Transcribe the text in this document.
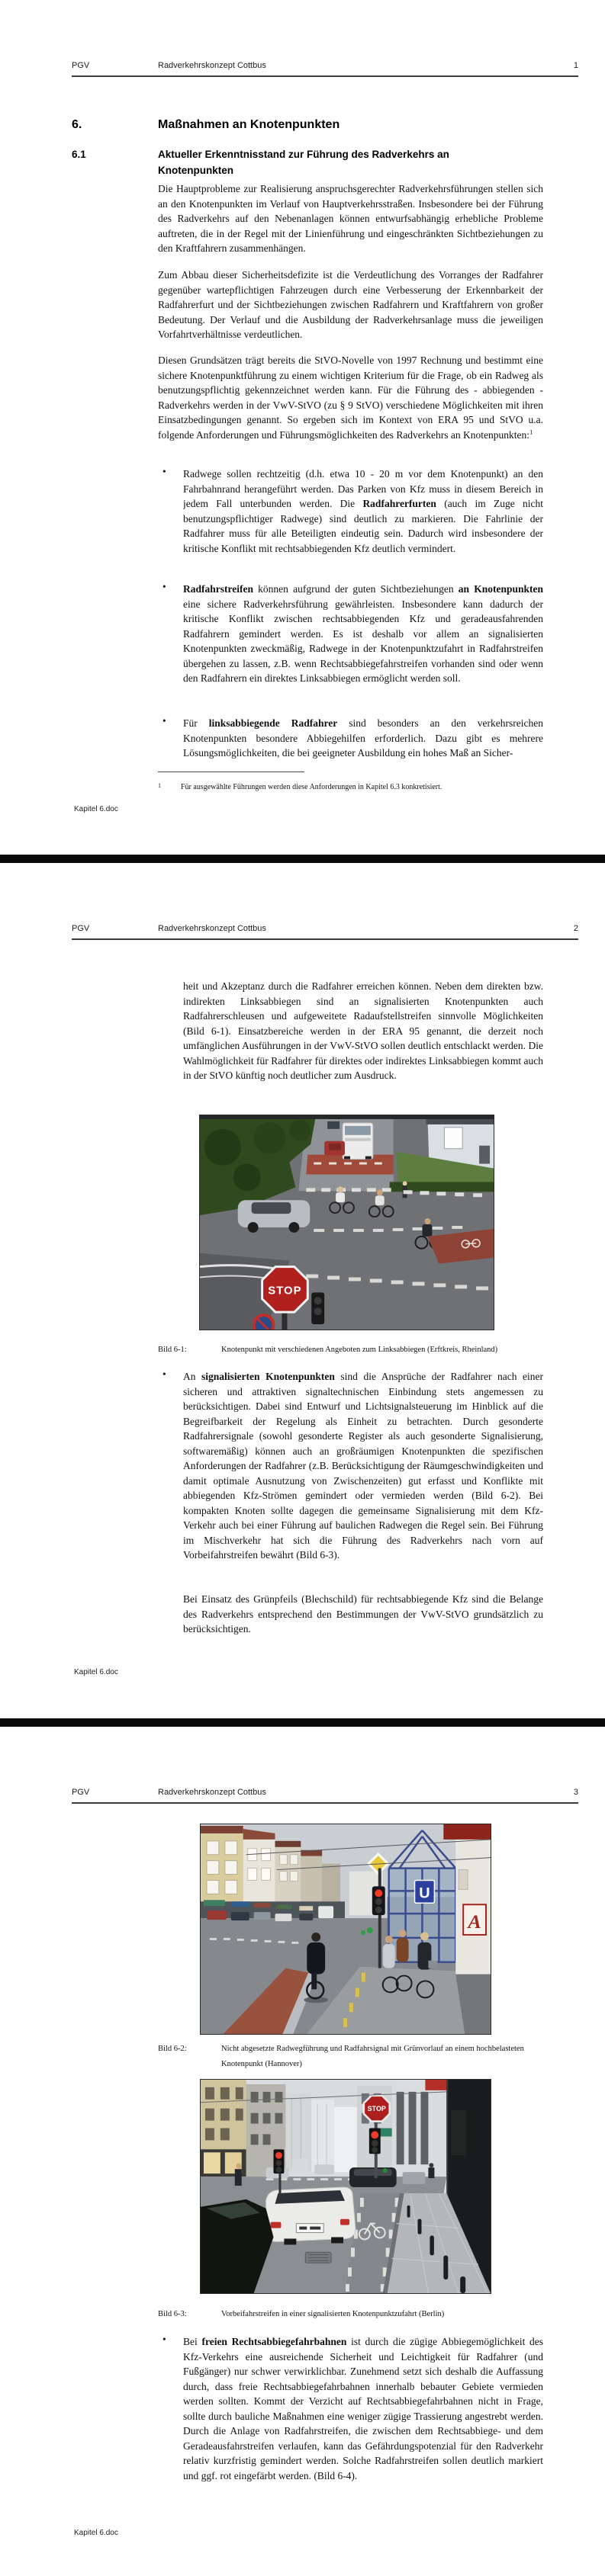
PGV	Radverkehrskonzept Cottbus	1
6.	Maßnahmen an Knotenpunkten
6.1	Aktueller Erkenntnisstand zur Führung des Radverkehrs an Knotenpunkten
Die Hauptprobleme zur Realisierung anspruchsgerechter Radverkehrsführungen stellen sich an den Knotenpunkten im Verlauf von Hauptverkehrsstraßen. Insbesondere bei der Führung des Radverkehrs auf den Nebenanlagen können entwurfsabhängig erhebliche Probleme auftreten, die in der Regel mit der Linienführung und eingeschränkten Sichtbeziehungen zu den Kraftfahrern zusammenhängen.
Zum Abbau dieser Sicherheitsdefizite ist die Verdeutlichung des Vorranges der Radfahrer gegenüber wartepflichtigen Fahrzeugen durch eine Verbesserung der Erkennbarkeit der Radfahrerfurt und der Sichtbeziehungen zwischen Radfahrern und Kraftfahrern von großer Bedeutung. Der Verlauf und die Ausbildung der Radverkehrsanlage muss die jeweiligen Vorfahrtverhältnisse verdeutlichen.
Diesen Grundsätzen trägt bereits die StVO-Novelle von 1997 Rechnung und bestimmt eine sichere Knotenpunktführung zu einem wichtigen Kriterium für die Frage, ob ein Radweg als benutzungspflichtig gekennzeichnet werden kann. Für die Führung des - abbiegenden - Radverkehrs werden in der VwV-StVO (zu § 9 StVO) verschiedene Möglichkeiten mit ihren Einsatzbedingungen genannt. So ergeben sich im Kontext von ERA 95 und StVO u.a. folgende Anforderungen und Führungsmöglichkeiten des Radverkehrs an Knotenpunkten:$^1$
• Radwege sollen rechtzeitig (d.h. etwa 10 - 20 m vor dem Knotenpunkt) an den Fahrbahnrand herangeführt werden. Das Parken von Kfz muss in diesem Bereich in jedem Fall unterbunden werden. Die Radfahrerfurten (auch im Zuge nicht benutzungspflichtiger Radwege) sind deutlich zu markieren. Die Fahrlinie der Radfahrer muss für alle Beteiligten eindeutig sein. Dadurch wird insbesondere der kritische Konflikt mit rechtsabbiegenden Kfz deutlich vermindert.
• Radfahrstreifen können aufgrund der guten Sichtbeziehungen an Knotenpunkten eine sichere Radverkehrsführung gewährleisten. Insbesondere kann dadurch der kritische Konflikt zwischen rechtsabbiegenden Kfz und geradeausfahrenden Radfahrern gemindert werden. Es ist deshalb vor allem an signalisierten Knotenpunkten zweckmäßig, Radwege in der Knotenpunktzufahrt in Radfahrstreifen übergehen zu lassen, z.B. wenn Rechtsabbiegefahrstreifen vorhanden sind oder wenn den Radfahrern ein direktes Linksabbiegen ermöglicht werden soll.
• Für linksabbiegende Radfahrer sind besonders an den verkehrsreichen Knotenpunkten besondere Abbiegehilfen erforderlich. Dazu gibt es mehrere Lösungsmöglichkeiten, die bei geeigneter Ausbildung ein hohes Maß an Sicher-
1	Für ausgewählte Führungen werden diese Anforderungen in Kapitel 6.3 konkretisiert.
Kapitel 6.doc
PGV	Radverkehrskonzept Cottbus	2
heit und Akzeptanz durch die Radfahrer erreichen können. Neben dem direkten bzw. indirekten Linksabbiegen sind an signalisierten Knotenpunkten auch Radfahrerschleusen und aufgeweitete Radaufstellstreifen sinnvolle Möglichkeiten (Bild 6-1). Einsatzbereiche werden in der ERA 95 genannt, die derzeit noch umfänglichen Ausführungen in der VwV-StVO sollen deutlich entschlackt werden. Die Wahlmöglichkeit für Radfahrer für direktes oder indirektes Linksabbiegen kommt auch in der StVO künftig noch deutlicher zum Ausdruck.
STOP
Bild 6-1:	Knotenpunkt mit verschiedenen Angeboten zum Linksabbiegen (Erftkreis, Rheinland)
• An signalisierten Knotenpunkten sind die Ansprüche der Radfahrer nach einer sicheren und attraktiven signaltechnischen Einbindung stets angemessen zu berücksichtigen. Dabei sind Entwurf und Lichtsignalsteuerung im Hinblick auf die Begreifbarkeit der Regelung als Einheit zu betrachten. Durch gesonderte Radfahrersignale (sowohl gesonderte Register als auch gesonderte Signalisierung, softwaremäßig) können auch an großräumigen Knotenpunkten die spezifischen Anforderungen der Radfahrer (z.B. Berücksichtigung der Räumgeschwindigkeiten und damit optimale Ausnutzung von Zwischenzeiten) gut erfasst und Konflikte mit abbiegenden Kfz-Strömen gemindert oder vermieden werden (Bild 6-2). Bei kompakten Knoten sollte dagegen die gemeinsame Signalisierung mit dem Kfz-Verkehr auch bei einer Führung auf baulichen Radwegen die Regel sein. Bei Führung im Mischverkehr hat sich die Führung des Radverkehrs nach vorn auf Vorbeifahrstreifen bewährt (Bild 6-3).
Bei Einsatz des Grünpfeils (Blechschild) für rechtsabbiegende Kfz sind die Belange des Radverkehrs entsprechend den Bestimmungen der VwV-StVO grundsätzlich zu berücksichtigen.
Kapitel 6.doc
PGV	Radverkehrskonzept Cottbus	3
U
A
Bild 6-2:	Nicht abgesetzte Radwegführung und Radfahrsignal mit Grünvorlauf an einem hochbelasteten Knotenpunkt (Hannover)
STOP
Bild 6-3:	Vorbeifahrstreifen in einer signalisierten Knotenpunktzufahrt (Berlin)
• Bei freien Rechtsabbiegefahrbahnen ist durch die zügige Abbiegemöglichkeit des Kfz-Verkehrs eine ausreichende Sicherheit und Leichtigkeit für Radfahrer (und Fußgänger) nur schwer verwirklichbar. Zunehmend setzt sich deshalb die Auffassung durch, dass freie Rechtsabbiegefahrbahnen innerhalb bebauter Gebiete vermieden werden sollten. Kommt der Verzicht auf Rechtsabbiegefahrbahnen nicht in Frage, sollte durch bauliche Maßnahmen eine weniger zügige Trassierung angestrebt werden. Durch die Anlage von Radfahrstreifen, die zwischen dem Rechtsabbiege- und dem Geradeausfahrstreifen verlaufen, kann das Gefährdungspotenzial für den Radverkehr relativ kurzfristig gemindert werden. Solche Radfahrstreifen sollen deutlich markiert und ggf. rot eingefärbt werden. (Bild 6-4).
Kapitel 6.doc
